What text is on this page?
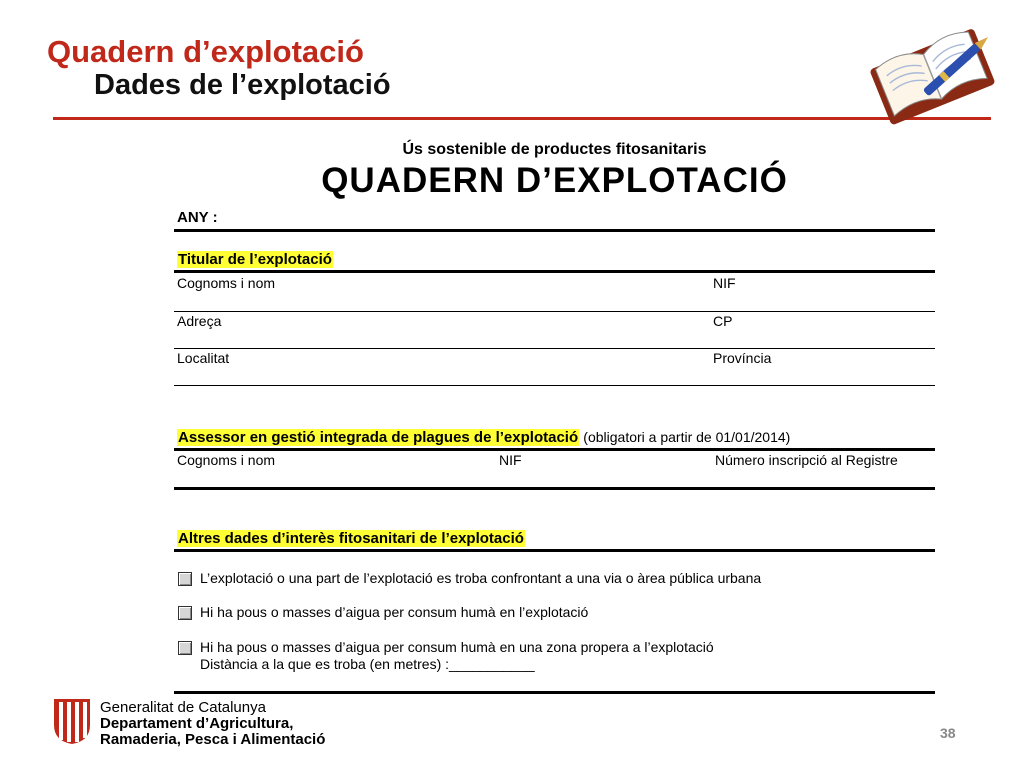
Quadern d’explotació
Dades de l’explotació
Ús sostenible de productes fitosanitaris
QUADERN D’EXPLOTACIÓ
ANY :
Titular de l’explotació
Cognoms i nom	NIF
Adreça	CP
Localitat	Província
Assessor en gestió integrada de plagues de l’explotació (obligatori a partir de 01/01/2014)
Cognoms i nom	NIF	Número inscripció al Registre
Altres dades d’interès fitosanitari de l’explotació
L’explotació o una part de l’explotació es troba confrontant a una via o àrea pública urbana
Hi ha pous o masses d’aigua per consum humà en l’explotació
Hi ha pous o masses d’aigua per consum humà en una zona propera a l’explotació
Distància a la que es troba (en metres) :___________
Generalitat de Catalunya
Departament d’Agricultura,
Ramaderia, Pesca i Alimentació	38
